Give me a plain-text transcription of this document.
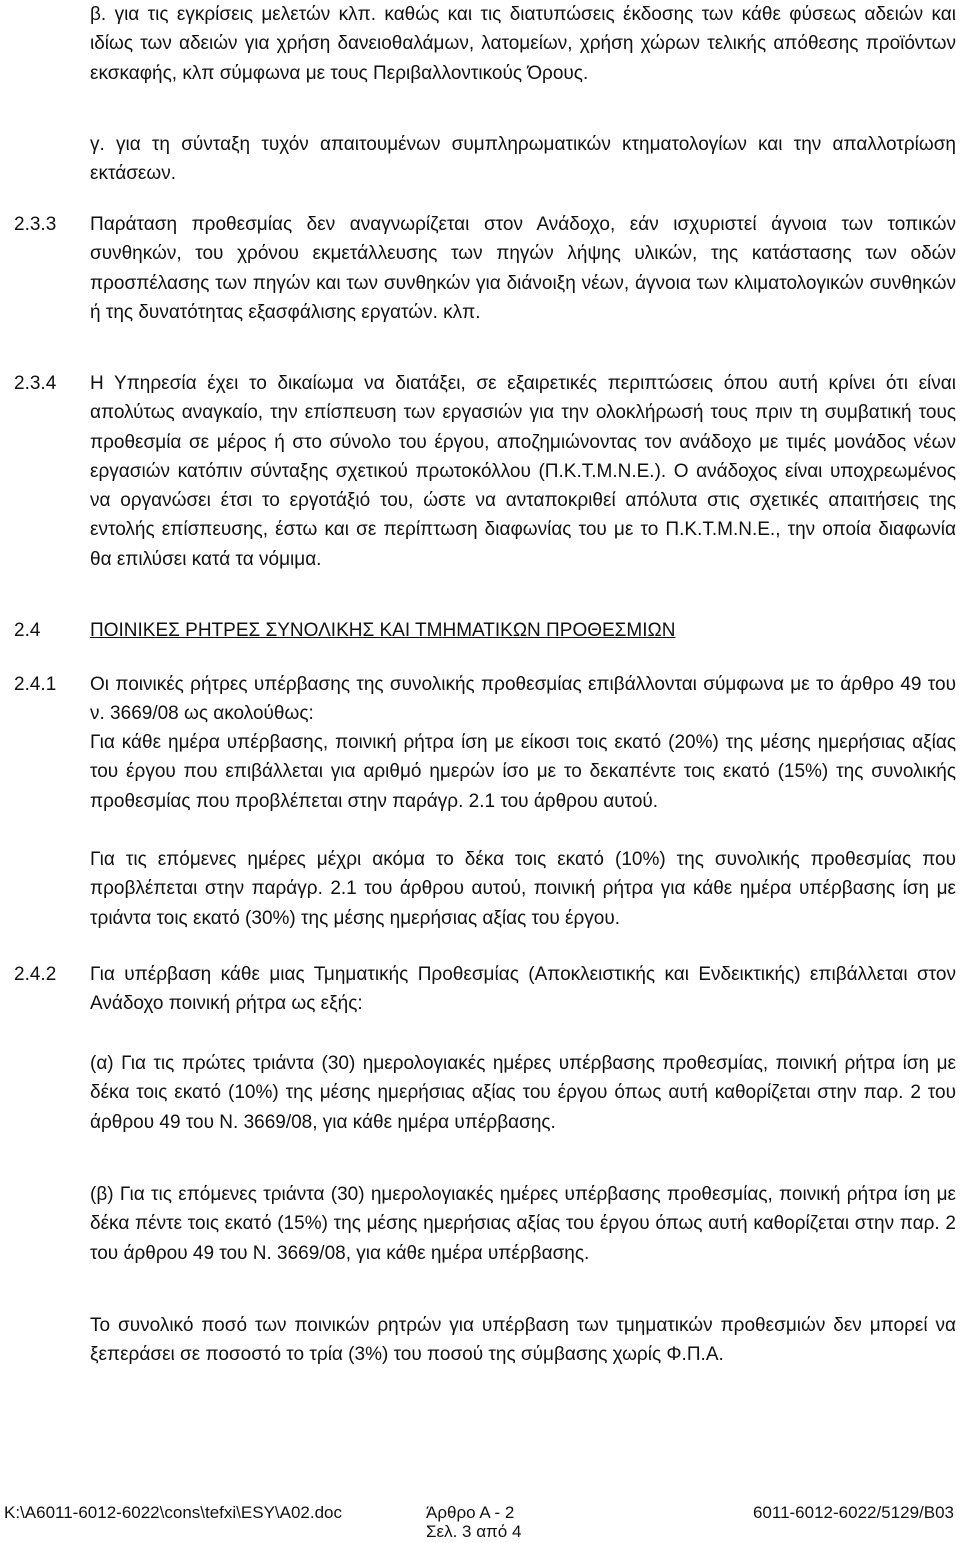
β. για τις εγκρίσεις μελετών κλπ. καθώς και τις διατυπώσεις έκδοσης των κάθε φύσεως αδειών και ιδίως των αδειών για χρήση δανειοθαλάμων, λατομείων, χρήση χώρων τελικής απόθεσης προϊόντων εκσκαφής, κλπ σύμφωνα με τους Περιβαλλοντικούς Όρους.
γ. για τη σύνταξη τυχόν απαιτουμένων συμπληρωματικών κτηματολογίων και την απαλλοτρίωση εκτάσεων.
2.3.3 Παράταση προθεσμίας δεν αναγνωρίζεται στον Ανάδοχο, εάν ισχυριστεί άγνοια των τοπικών συνθηκών, του χρόνου εκμετάλλευσης των πηγών λήψης υλικών, της κατάστασης των οδών προσπέλασης των πηγών και των συνθηκών για διάνοιξη νέων, άγνοια των κλιματολογικών συνθηκών ή της δυνατότητας εξασφάλισης εργατών. κλπ.
2.3.4 Η Υπηρεσία έχει το δικαίωμα να διατάξει, σε εξαιρετικές περιπτώσεις όπου αυτή κρίνει ότι είναι απολύτως αναγκαίο, την επίσπευση των εργασιών για την ολοκλήρωσή τους πριν τη συμβατική τους προθεσμία σε μέρος ή στο σύνολο του έργου, αποζημιώνοντας τον ανάδοχο με τιμές μονάδος νέων εργασιών κατόπιν σύνταξης σχετικού πρωτοκόλλου (Π.Κ.Τ.Μ.Ν.Ε.). Ο ανάδοχος είναι υποχρεωμένος να οργανώσει έτσι το εργοτάξιό του, ώστε να ανταποκριθεί απόλυτα στις σχετικές απαιτήσεις της εντολής επίσπευσης, έστω και σε περίπτωση διαφωνίας του με το Π.Κ.Τ.Μ.Ν.Ε., την οποία διαφωνία θα επιλύσει κατά τα νόμιμα.
2.4	ΠΟΙΝΙΚΕΣ ΡΗΤΡΕΣ ΣΥΝΟΛΙΚΗΣ ΚΑΙ ΤΜΗΜΑΤΙΚΩΝ ΠΡΟΘΕΣΜΙΩΝ
2.4.1 Οι ποινικές ρήτρες υπέρβασης της συνολικής προθεσμίας επιβάλλονται σύμφωνα με το άρθρο 49 του ν. 3669/08 ως ακολούθως:
Για κάθε ημέρα υπέρβασης, ποινική ρήτρα ίση με είκοσι τοις εκατό (20%) της μέσης ημερήσιας αξίας του έργου που επιβάλλεται για αριθμό ημερών ίσο με το δεκαπέντε τοις εκατό (15%) της συνολικής προθεσμίας που προβλέπεται στην παράγρ. 2.1 του άρθρου αυτού.
Για τις επόμενες ημέρες μέχρι ακόμα το δέκα τοις εκατό (10%) της συνολικής προθεσμίας που προβλέπεται στην παράγρ. 2.1 του άρθρου αυτού, ποινική ρήτρα για κάθε ημέρα υπέρβασης ίση με τριάντα τοις εκατό (30%) της μέσης ημερήσιας αξίας του έργου.
2.4.2 Για υπέρβαση κάθε μιας Τμηματικής Προθεσμίας (Αποκλειστικής και Ενδεικτικής) επιβάλλεται στον Ανάδοχο ποινική ρήτρα ως εξής:
(α) Για τις πρώτες τριάντα (30) ημερολογιακές ημέρες υπέρβασης προθεσμίας, ποινική ρήτρα ίση με δέκα τοις εκατό (10%) της μέσης ημερήσιας αξίας του έργου όπως αυτή καθορίζεται στην παρ. 2 του άρθρου 49 του Ν. 3669/08, για κάθε ημέρα υπέρβασης.
(β) Για τις επόμενες τριάντα (30) ημερολογιακές ημέρες υπέρβασης προθεσμίας, ποινική ρήτρα ίση με δέκα πέντε τοις εκατό (15%) της μέσης ημερήσιας αξίας του έργου όπως αυτή καθορίζεται στην παρ. 2 του άρθρου 49 του Ν. 3669/08, για κάθε ημέρα υπέρβασης.
Το συνολικό ποσό των ποινικών ρητρών για υπέρβαση των τμηματικών προθεσμιών δεν μπορεί να ξεπεράσει σε ποσοστό το τρία (3%) του ποσού της σύμβασης χωρίς Φ.Π.Α.
K:\A6011-6012-6022\cons\tefxi\ESY\A02.doc	Άρθρο Α - 2	6011-6012-6022/5129/Β03
Σελ. 3 από 4
